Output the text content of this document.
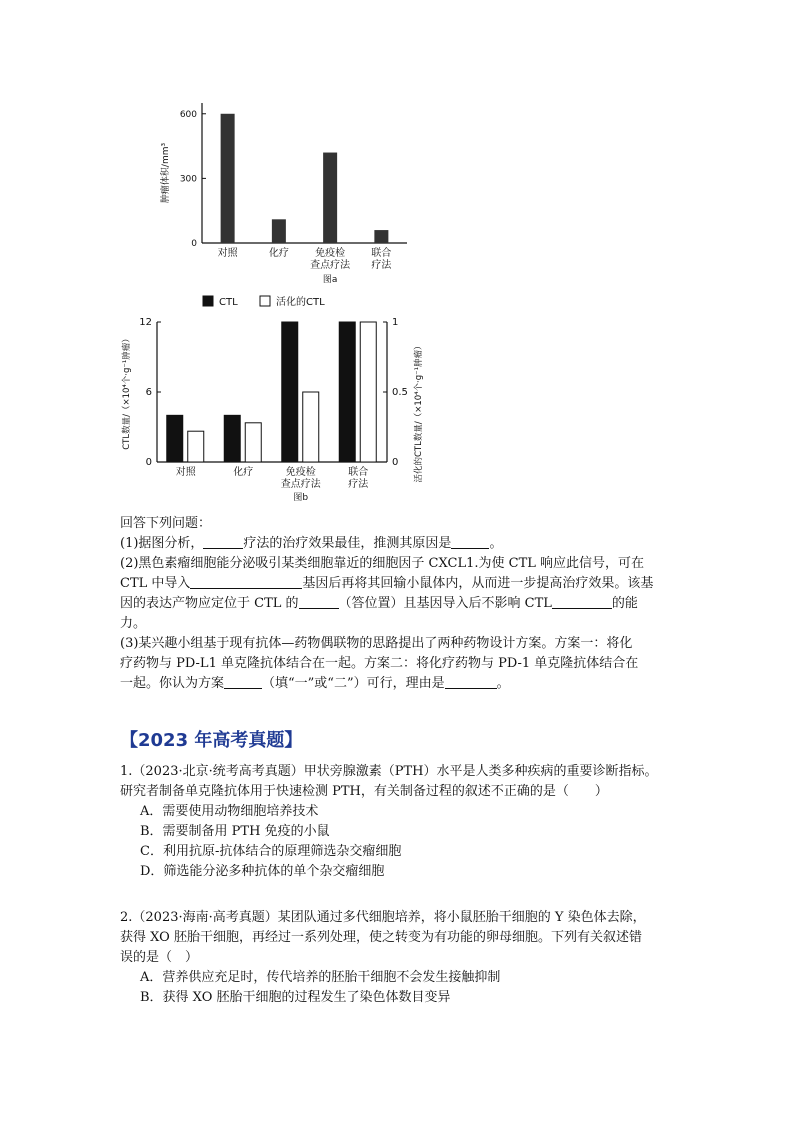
0
300
600
肿瘤体积/mm³
对照	化疗	免疫检
查点疗法
联合
疗法
图a
CTL	活化的CTL
0
6
12
0
0.5
1
CTL数量/（×10⁴个·g⁻¹肿瘤）	活化的CTL数量/（×10⁴个·g⁻¹肿瘤）
对照	化疗	免疫检
查点疗法
联合
疗法
图b
回答下列问题：
(1)据图分析，	疗法的治疗效果最佳，推测其原因是	。
(2)黑色素瘤细胞能分泌吸引某类细胞靠近的细胞因子 CXCL1.为使 CTL 响应此信号，可在
CTL 中导入	基因后再将其回输小鼠体内，从而进一步提高治疗效果。该基
因的表达产物应定位于 CTL 的	（答位置）且基因导入后不影响 CTL	的能
力。
(3)某兴趣小组基于现有抗体—药物偶联物的思路提出了两种药物设计方案。方案一：将化
疗药物与 PD-L1 单克隆抗体结合在一起。方案二：将化疗药物与 PD-1 单克隆抗体结合在
一起。你认为方案	（填“一”或“二”）可行，理由是	。
【2023 年高考真题】
1.（2023·北京·统考高考真题）甲状旁腺激素（PTH）水平是人类多种疾病的重要诊断指标。
研究者制备单克隆抗体用于快速检测 PTH，有关制备过程的叙述不正确的是（　　）
A．需要使用动物细胞培养技术
B．需要制备用 PTH 免疫的小鼠
C．利用抗原-抗体结合的原理筛选杂交瘤细胞
D．筛选能分泌多种抗体的单个杂交瘤细胞
2.（2023·海南·高考真题）某团队通过多代细胞培养，将小鼠胚胎干细胞的 Y 染色体去除，
获得 XO 胚胎干细胞，再经过一系列处理，使之转变为有功能的卵母细胞。下列有关叙述错
误的是（　）
A．营养供应充足时，传代培养的胚胎干细胞不会发生接触抑制
B．获得 XO 胚胎干细胞的过程发生了染色体数目变异
